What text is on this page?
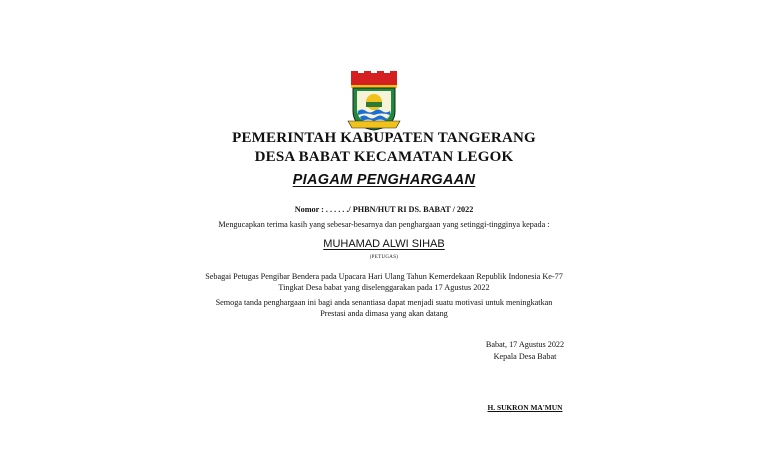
PEMERINTAH KABUPATEN TANGERANG
DESA BABAT KECAMATAN LEGOK
PIAGAM PENGHARGAAN
Nomor : . . . . . ./ PHBN/HUT RI DS. BABAT / 2022
Mengucapkan terima kasih yang sebesar-besarnya dan penghargaan yang setinggi-tingginya kepada :
MUHAMAD ALWI SIHAB
(PETUGAS)
Sebagai Petugas Pengibar Bendera pada Upacara Hari Ulang Tahun Kemerdekaan Republik Indonesia Ke-77
Tingkat Desa babat yang diselenggarakan pada 17 Agustus 2022
Semoga tanda penghargaan ini bagi anda senantiasa dapat menjadi suatu motivasi untuk meningkatkan
Prestasi anda dimasa yang akan datang
Babat, 17 Agustus 2022
Kepala Desa Babat
H. SUKRON MA'MUN
